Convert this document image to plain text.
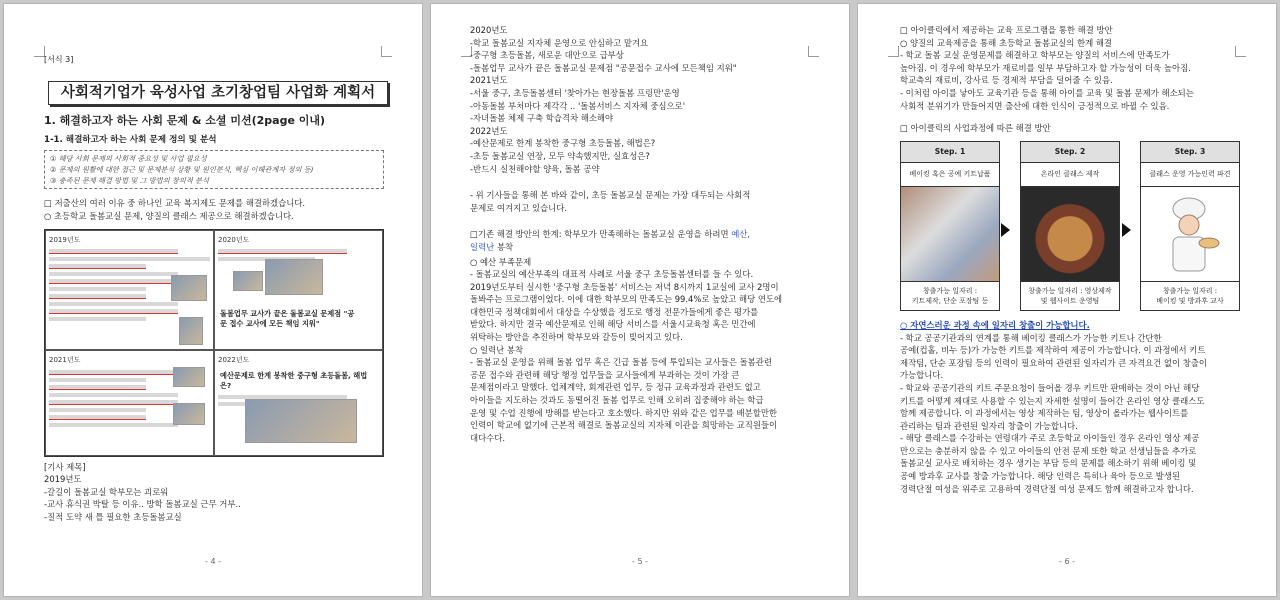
[서식 3]
사회적기업가 육성사업 초기창업팀 사업화 계획서
1. 해결하고자 하는 사회 문제 & 소셜 미션(2page 이내)
1-1. 해결하고자 하는 사회 문제 정의 및 분석
① 해당 사회 문제의 사회적 중요성 및 사업 필요성
② 문제의 원활에 대한 접근 및 문제분석 상황 및 원인분석, 핵심 이해관계자 정의 등)
③ 충족된 문제 해결 방법 및 그 방법의 창의적 분석
□ 저출산의 여러 이유 중 하나인 교육 복지제도 문제를 해결하겠습니다.
○ 초등학교 돌봄교실 문제, 양질의 클래스 제공으로 해결하겠습니다.
2019년도	2020년도
돌봄업무 교사가 끝은 돌봄교실 문제점 "공문 접수 교사에 모든 책임 지워"
2021년도	2022년도
예산문제로 한계 봉착한 중구형 초등돌봄, 해법은?
[기사 제목]
2019년도
-갈길이 돌봄교실 학부모는 괴로워
-교사 휴식권 박탈 등 이유.. 방학 돌봄교실 근무 거부..
-질적 도약 새 틀 필요한 초등돌봄교실
- 4 -
2020년도
-학교 돌봄교실 지자체 운영으로 안심하고 맡겨요
-중구형 초등돌봄, 새로운 대안으로 급부상
-돌봄업무 교사가 끝은 돌봄교실 문제점 "공문접수 교사에 모든책임 지워"
2021년도
-서울 중구, 초등돌봄센터 '찾아가는 현장돌봄 프링만'운영
-아동돌봄 부처마다 제각각 .. '돌봄서비스 지자체 중심으로'
-자녀돌봄 체제 구축 학습격차 해소해야
2022년도
-예산문제로 한계 봉착한 중구형 초등돌봄, 해법은?
-초등 돌봄교실 연장, 모두 약속했지만, 실효성은?
-반드시 실천해야할 양육, 돌봄 공약
- 위 기사들을 통해 본 바와 같이, 초등 돌봄교실 문제는 가장 대두되는 사회적
문제로 여겨지고 있습니다.
□기존 해결 방안의 한계: 학부모가 만족해하는 돌봄교실 운영을 하려면 예산,
일력난 봉착
○ 예산 부족문제
- 돌봄교실의 예산부족의 대표적 사례로 서울 중구 초등돌봄센터를 들 수 있다.
2019년도부터 실시한 '중구형 초등돌봄' 서비스는 저녁 8시까지 1교실에 교사 2명이
돌봐주는 프로그램이었다. 이에 대한 학부모의 만족도는 99.4%로 높았고 해당 연도에
대한민국 정책대회에서 대상을 수상했을 정도로 행정 전문가들에게 좋은 평가를
받았다. 하지만 결국 예산문제로 인해 해당 서비스를 서울시교육청 혹은 민간에
위탁하는 방안을 추진하며 학부모와 갈등이 빚어지고 있다.
○ 일력난 봉착
- 돌봄교실 운영을 위해 돌봄 업무 혹은 긴급 돌봄 등에 투입되는 교사들은 돌봄관련
공문 접수와 관련해 해당 행정 업무들을 교사들에게 부과하는 것이 가장 큰
문제점이라고 말했다. 업체계약, 회계관련 업무, 등 정규 교육과정과 관련도 없고
아이들을 지도하는 것과도 동떨어진 돌봄 업무로 인해 오히려 집중해야 하는 학급
운영 및 수업 진행에 방해를 받는다고 호소했다. 하지만 위와 같은 업무를 배분할만한
인력이 학교에 없기에 근본적 해결로 돌봄교실의 지자체 이관을 희망하는 교직원들이
대다수다.
- 5 -
□ 아이클릭에서 제공하는 교육 프로그램을 통한 해결 방안
○ 양질의 교육제공을 통해 초등학교 돌봄교실의 한계 해결
- 학교 돌봄 교실 운영문제를 해결하고 학부모는 양질의 서비스에 만족도가
높아짐. 이 경우에 학부모가 재료비를 일부 부담하고자 할 가능성이 더욱 높아짐.
학교측의 재료비, 강사료 등 경제적 부담을 덜어줄 수 있음.
- 이처럼 아이를 낳아도 교육기관 등을 통해 아이를 교육 및 돌봄 문제가 해소되는
사회적 분위기가 만들어지면 출산에 대한 인식이 긍정적으로 바뀔 수 있음.
□ 아이클릭의 사업과정에 따른 해결 방안
Step. 1
베이킹 혹은 공예 키트납품
창출가능 일자리 :
키트제작, 단순 포장팀 등
Step. 2
온라인 클래스 제작
창출가능 일자리 : 영상제작
및 웹사이트 운영팀
Step. 3
클래스 운영 가능인력 파견
창출가능 일자리 :
베이킹 및 방과후 교사
○ 자연스러운 과정 속에 일자리 창출이 가능합니다.
- 학교 공공기관과의 연계를 통해 베이킹 클래스가 가능한 키트나 간단한
공예(컵홀, 비누 등)가 가능한 키트를 제작하여 제공이 가능합니다. 이 과정에서 키트
제작팀, 단순 포장팀 등의 인력이 필요하여 관련된 일자리가 큰 자격요건 없이 창출이
가능합니다.
- 학교와 공공기관의 키트 주문요청이 들어올 경우 키트만 판매하는 것이 아닌 해당
키트를 어떻게 제대로 사용할 수 있는지 자세한 설명이 들어간 온라인 영상 클래스도
함께 제공합니다. 이 과정에서는 영상 제작하는 팀, 영상이 올라가는 웹사이트를
관리하는 팀과 관련된 일자리 창출이 가능합니다.
- 해당 클래스를 수강하는 연령대가 주로 초등학교 아이들인 경우 온라인 영상 제공
만으로는 충분하지 않을 수 있고 아이들의 안전 문제 또한 학교 선생님들을 추가로
돌봄교실 교사로 배치하는 경우 생기는 부담 등의 문제를 해소하기 위해 베이킹 및
공예 방과후 교사를 창출 가능합니다. 해당 인력은 특히나 육아 등으로 발생된
경력단절 여성을 위주로 고용하여 경력단절 여성 문제도 함께 해결하고자 합니다.
- 6 -
